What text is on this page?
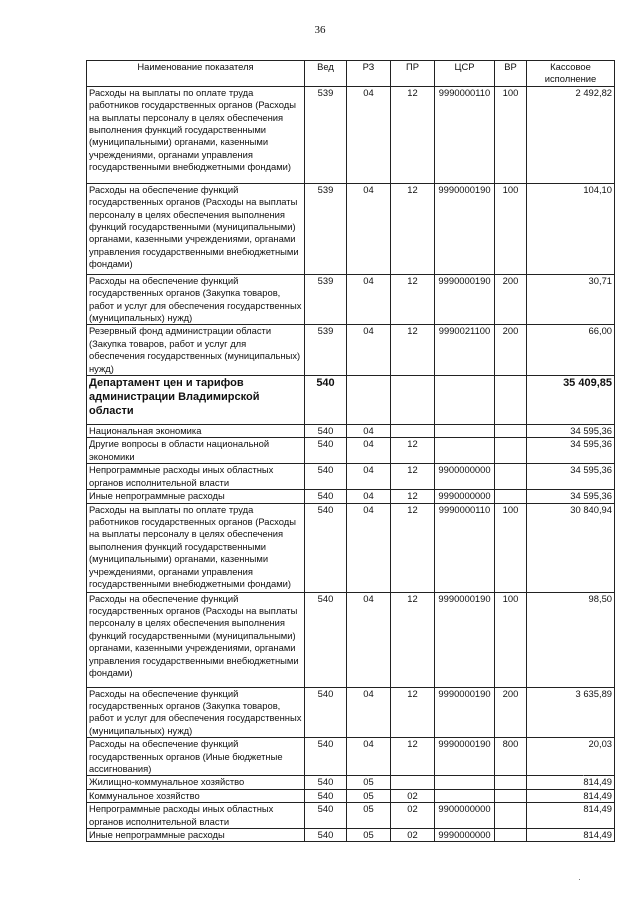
36
Наименование показателя	Вед	РЗ	ПР	ЦСР	ВР	Кассовое исполнение
Расходы на выплаты по оплате труда работников государственных органов (Расходы на выплаты персоналу в целях обеспечения выполнения функций государственными (муниципальными) органами, казенными учреждениями, органами управления государственными внебюджетными фондами)	539	04	12	9990000110	100	2 492,82
Расходы на обеспечение функций государственных органов (Расходы на выплаты персоналу в целях обеспечения выполнения функций государственными (муниципальными) органами, казенными учреждениями, органами управления государственными внебюджетными фондами)	539	04	12	9990000190	100	104,10
Расходы на обеспечение функций государственных органов (Закупка товаров, работ и услуг для обеспечения государственных (муниципальных) нужд)	539	04	12	9990000190	200	30,71
Резервный фонд администрации области (Закупка товаров, работ и услуг для обеспечения государственных (муниципальных) нужд)	539	04	12	9990021100	200	66,00
Департамент цен и тарифов администрации Владимирской области	540					35 409,85
Национальная экономика	540	04				34 595,36
Другие вопросы в области национальной экономики	540	04	12			34 595,36
Непрограммные расходы иных областных органов исполнительной власти	540	04	12	9900000000		34 595,36
Иные непрограммные расходы	540	04	12	9990000000		34 595,36
Расходы на выплаты по оплате труда работников государственных органов (Расходы на выплаты персоналу в целях обеспечения выполнения функций государственными (муниципальными) органами, казенными учреждениями, органами управления государственными внебюджетными фондами)	540	04	12	9990000110	100	30 840,94
Расходы на обеспечение функций государственных органов (Расходы на выплаты персоналу в целях обеспечения выполнения функций государственными (муниципальными) органами, казенными учреждениями, органами управления государственными внебюджетными фондами)	540	04	12	9990000190	100	98,50
Расходы на обеспечение функций государственных органов (Закупка товаров, работ и услуг для обеспечения государственных (муниципальных) нужд)	540	04	12	9990000190	200	3 635,89
Расходы на обеспечение функций государственных органов (Иные бюджетные ассигнования)	540	04	12	9990000190	800	20,03
Жилищно-коммунальное хозяйство	540	05				814,49
Коммунальное хозяйство	540	05	02			814,49
Непрограммные расходы иных областных органов исполнительной власти	540	05	02	9900000000		814,49
Иные непрограммные расходы	540	05	02	9990000000		814,49
